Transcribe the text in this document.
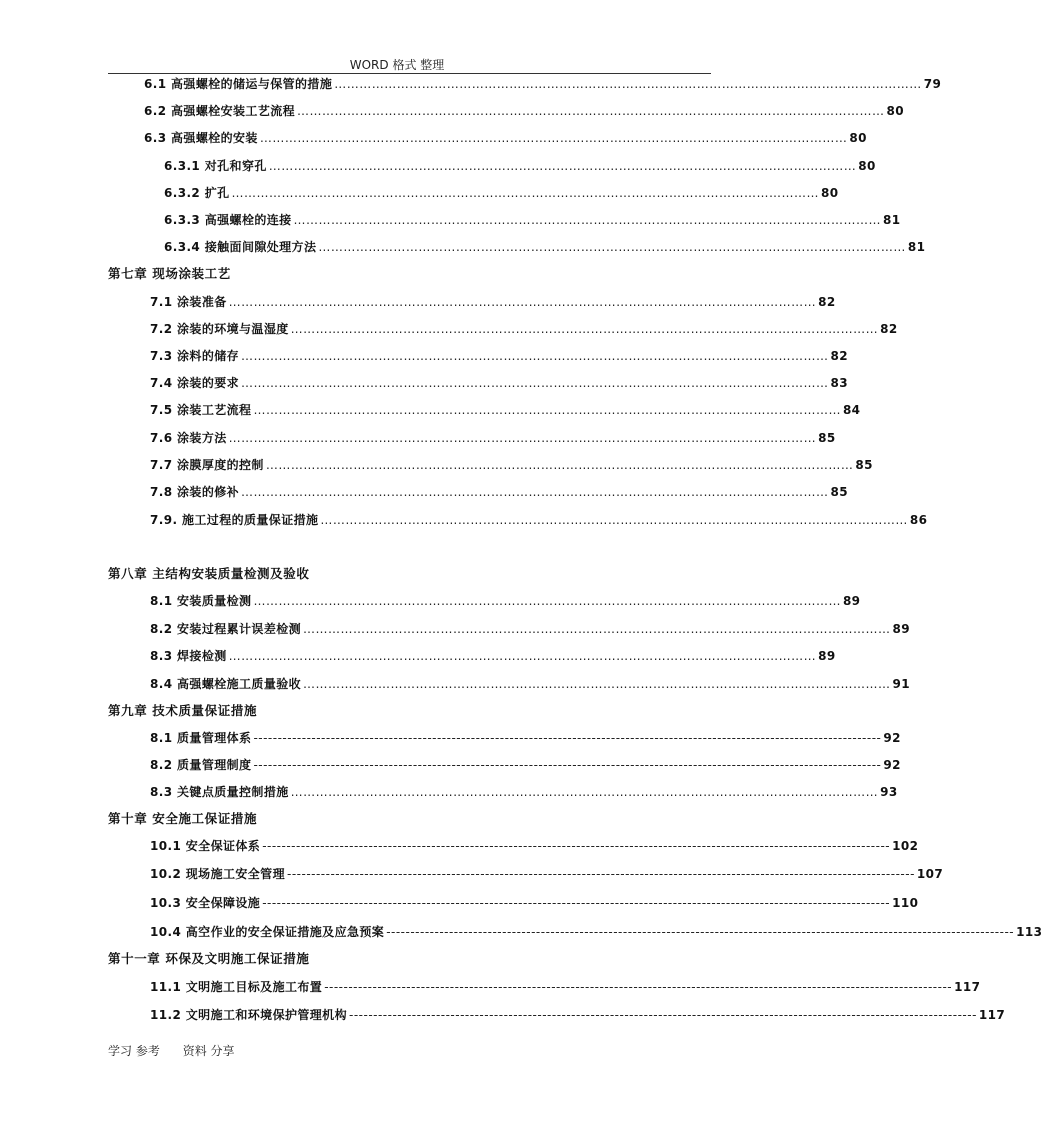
WORD 格式 整理
6.1 高强螺栓的储运与保管的措施 …………………………………………………………………………………………………………………………… 79
6.2 高强螺栓安装工艺流程 …………………………………………………………………………………………………………………………… 80
6.3 高强螺栓的安装 …………………………………………………………………………………………………………………………… 80
6.3.1 对孔和穿孔 …………………………………………………………………………………………………………………………… 80
6.3.2 扩孔 …………………………………………………………………………………………………………………………… 80
6.3.3 高强螺栓的连接 …………………………………………………………………………………………………………………………… 81
6.3.4 接触面间隙处理方法 …………………………………………………………………………………………………………………………… 81
第七章 现场涂装工艺
7.1 涂装准备 …………………………………………………………………………………………………………………………… 82
7.2 涂装的环境与温湿度 …………………………………………………………………………………………………………………………… 82
7.3 涂料的储存 …………………………………………………………………………………………………………………………… 82
7.4 涂装的要求 …………………………………………………………………………………………………………………………… 83
7.5 涂装工艺流程 …………………………………………………………………………………………………………………………… 84
7.6 涂装方法 …………………………………………………………………………………………………………………………… 85
7.7 涂膜厚度的控制 …………………………………………………………………………………………………………………………… 85
7.8 涂装的修补 …………………………………………………………………………………………………………………………… 85
7.9. 施工过程的质量保证措施 …………………………………………………………………………………………………………………………… 86
第八章 主结构安装质量检测及验收
8.1 安装质量检测 …………………………………………………………………………………………………………………………… 89
8.2 安装过程累计误差检测 …………………………………………………………………………………………………………………………… 89
8.3 焊接检测 …………………………………………………………………………………………………………………………… 89
8.4 高强螺栓施工质量验收 …………………………………………………………………………………………………………………………… 91
第九章 技术质量保证措施
8.1 质量管理体系 ---------------------------------------------------------------------------------------------------------------------------------- 92
8.2 质量管理制度 ---------------------------------------------------------------------------------------------------------------------------------- 92
8.3 关键点质量控制措施 …………………………………………………………………………………………………………………………… 93
第十章 安全施工保证措施
10.1 安全保证体系 ---------------------------------------------------------------------------------------------------------------------------------- 102
10.2 现场施工安全管理 ---------------------------------------------------------------------------------------------------------------------------------- 107
10.3 安全保障设施 ---------------------------------------------------------------------------------------------------------------------------------- 110
10.4 高空作业的安全保证措施及应急预案 ---------------------------------------------------------------------------------------------------------------------------------- 113
第十一章 环保及文明施工保证措施
11.1 文明施工目标及施工布置 ---------------------------------------------------------------------------------------------------------------------------------- 117
11.2 文明施工和环境保护管理机构 ---------------------------------------------------------------------------------------------------------------------------------- 117
学习 参考      资料 分享
